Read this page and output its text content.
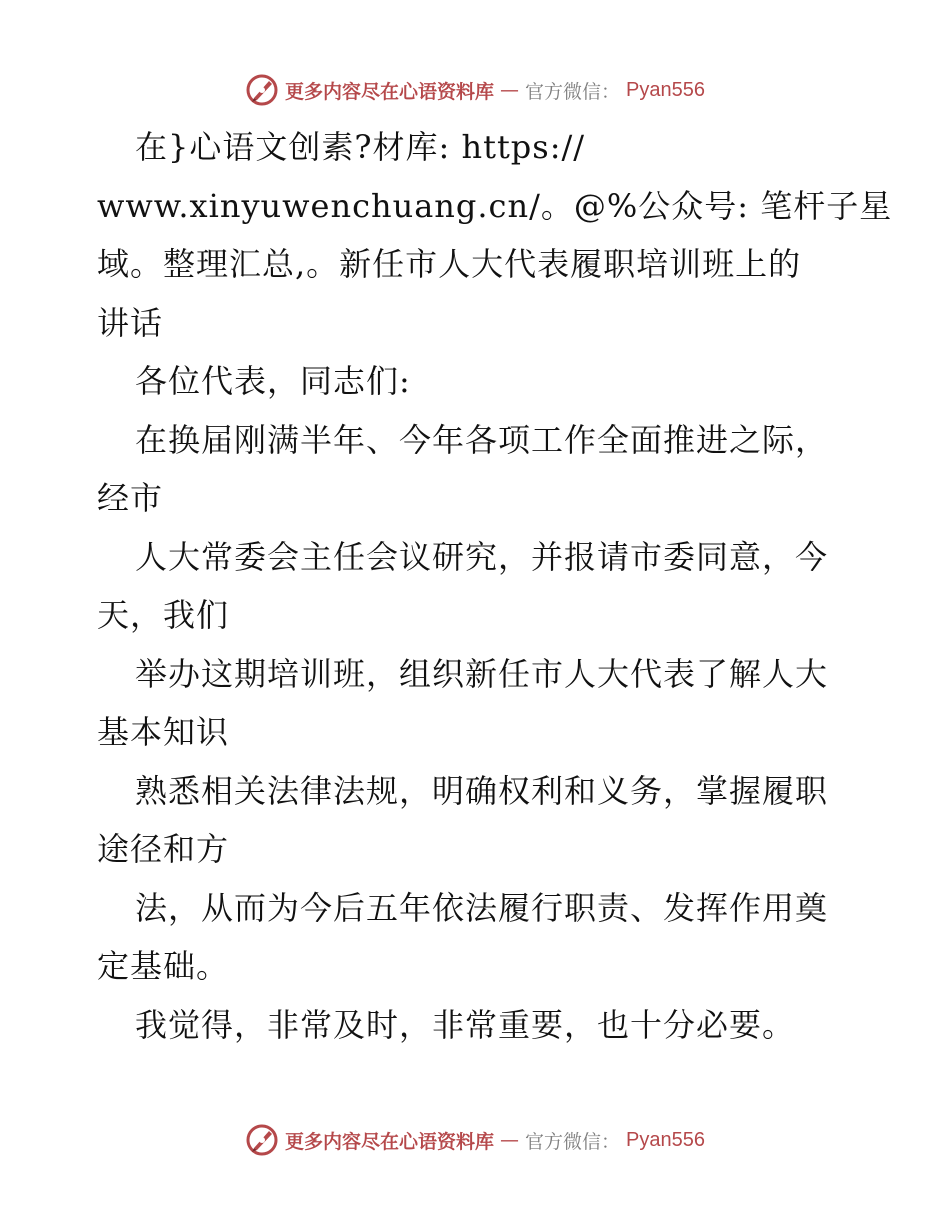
更多内容尽在心语资料库 — 官方微信： Pyan556
在}心语文创素?材库: https://
www.xinyuwenchuang.cn/。@%公众号: 笔杆子星
域。整理汇总,。新任市人大代表履职培训班上的
讲话
各位代表，同志们:
在换届刚满半年、今年各项工作全面推进之际，
经市
人大常委会主任会议研究，并报请市委同意，今
天，我们
举办这期培训班，组织新任市人大代表了解人大
基本知识
熟悉相关法律法规，明确权利和义务，掌握履职
途径和方
法，从而为今后五年依法履行职责、发挥作用奠
定基础。
我觉得，非常及时，非常重要，也十分必要。
更多内容尽在心语资料库 — 官方微信： Pyan556
